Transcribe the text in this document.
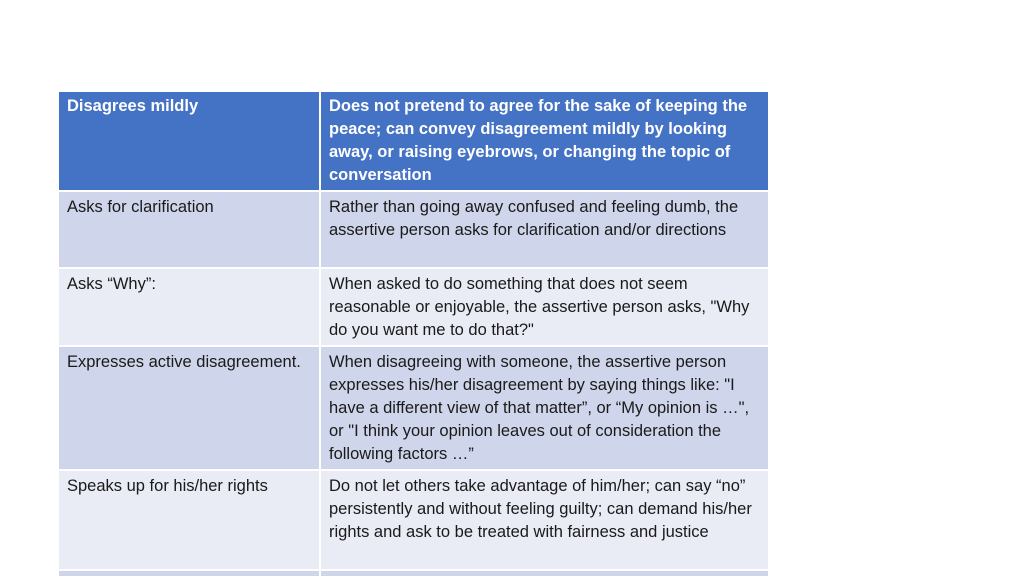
Disagrees mildly	Does not pretend to agree for the sake of keeping the peace; can convey disagreement mildly by looking away, or raising eyebrows, or changing the topic of conversation
Asks for clarification	Rather than going away confused and feeling dumb, the assertive person asks for clarification and/or directions
Asks “Why”:	When asked to do something that does not seem reasonable or enjoyable, the assertive person asks, "Why do you want me to do that?"
Expresses active disagreement.	When disagreeing with someone, the assertive person expresses his/her disagreement by saying things like: "I have a different view of that matter”, or “My opinion is …", or "I think your opinion leaves out of consideration the following factors …”
Speaks up for his/her rights	Do not let others take advantage of him/her; can say “no” persistently and without feeling guilty; can demand his/her rights and ask to be treated with fairness and justice
